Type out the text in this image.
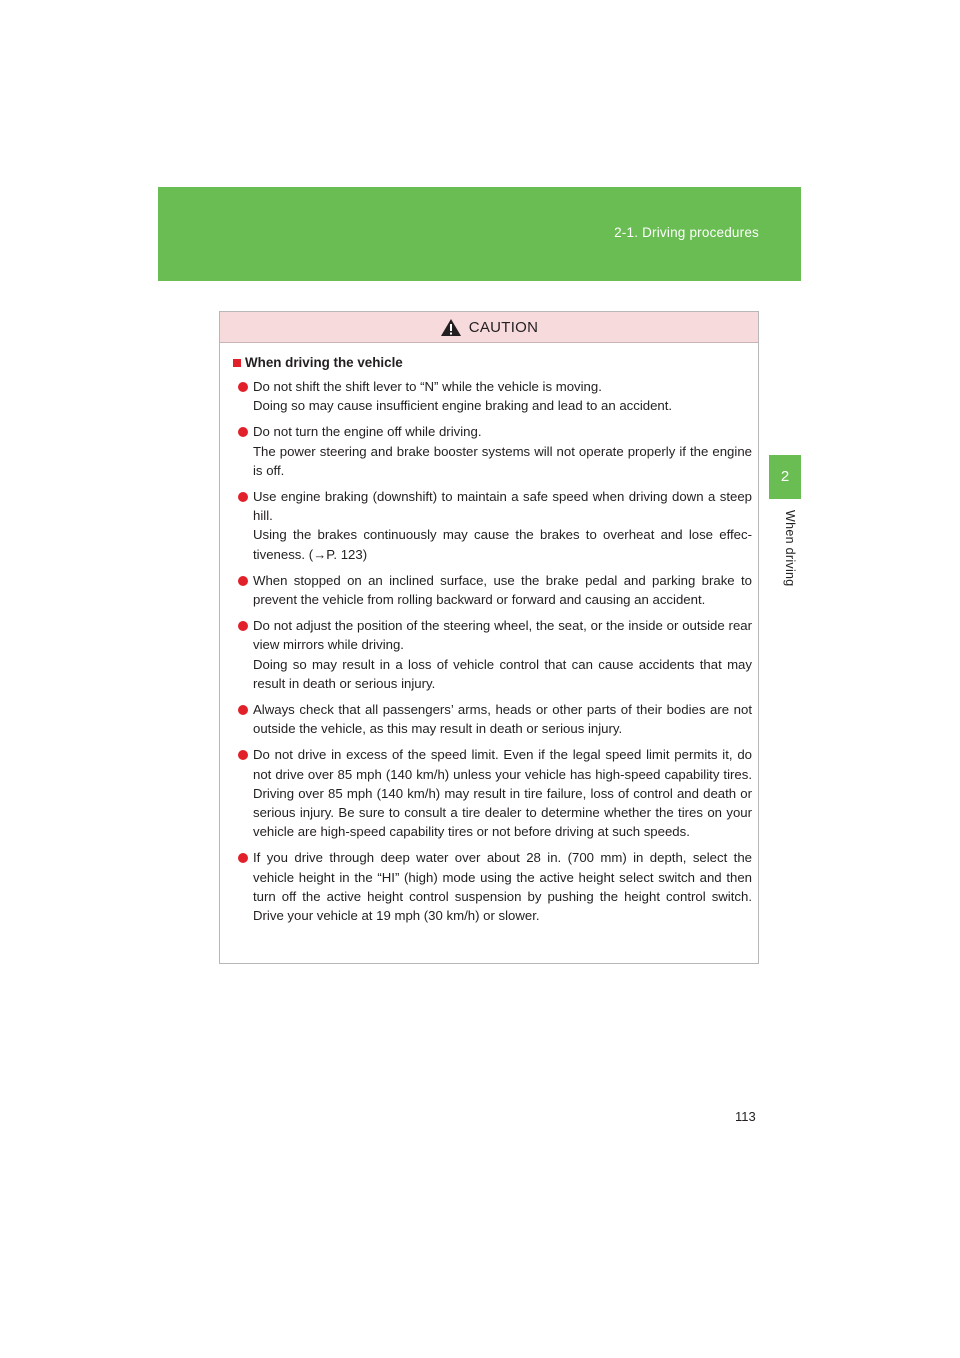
2-1. Driving procedures
2
When driving
CAUTION
When driving the vehicle

Do not shift the shift lever to “N” while the vehicle is moving.

Doing so may cause insufficient engine braking and lead to an accident.

Do not turn the engine off while driving.

The power steering and brake booster systems will not operate properly if the engine is off.

Use engine braking (downshift) to maintain a safe speed when driving down a steep hill.

Using the brakes continuously may cause the brakes to overheat and lose effec-tiveness. (→P. 123)

When stopped on an inclined surface, use the brake pedal and parking brake to prevent the vehicle from rolling backward or forward and causing an accident.

Do not adjust the position of the steering wheel, the seat, or the inside or outside rear view mirrors while driving.

Doing so may result in a loss of vehicle control that can cause accidents that may result in death or serious injury.

Always check that all passengers’ arms, heads or other parts of their bodies are not outside the vehicle, as this may result in death or serious injury.

Do not drive in excess of the speed limit. Even if the legal speed limit permits it, do not drive over 85 mph (140 km/h) unless your vehicle has high-speed capability tires. Driving over 85 mph (140 km/h) may result in tire failure, loss of control and death or serious injury. Be sure to consult a tire dealer to determine whether the tires on your vehicle are high-speed capability tires or not before driving at such speeds.

If you drive through deep water over about 28 in. (700 mm) in depth, select the vehicle height in the “HI” (high) mode using the active height select switch and then turn off the active height control suspension by pushing the height control switch. Drive your vehicle at 19 mph (30 km/h) or slower.

113
